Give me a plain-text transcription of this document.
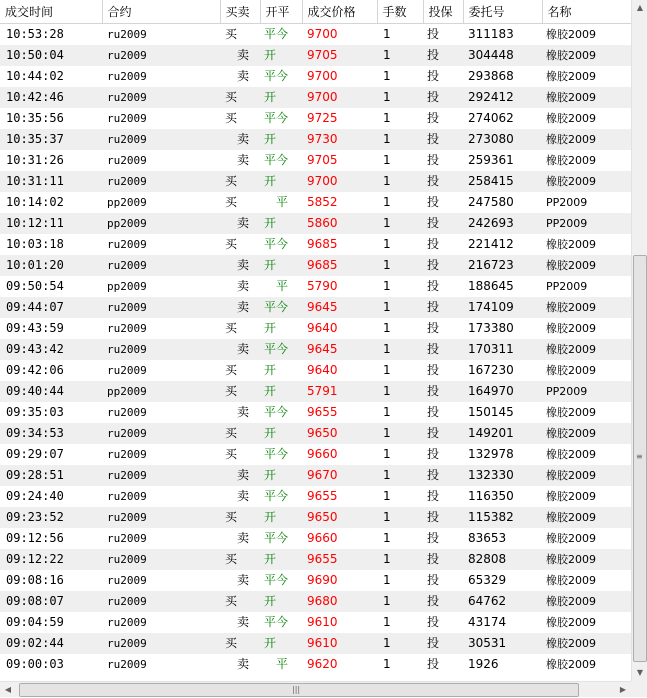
成交时间	合约	买卖	开平	成交价格	手数	投保	委托号	名称
10:53:28	ru2009	买	平今	9700	1	投	311183	橡胶2009
10:50:04	ru2009	卖	开	9705	1	投	304448	橡胶2009
10:44:02	ru2009	卖	平今	9700	1	投	293868	橡胶2009
10:42:46	ru2009	买	开	9700	1	投	292412	橡胶2009
10:35:56	ru2009	买	平今	9725	1	投	274062	橡胶2009
10:35:37	ru2009	卖	开	9730	1	投	273080	橡胶2009
10:31:26	ru2009	卖	平今	9705	1	投	259361	橡胶2009
10:31:11	ru2009	买	开	9700	1	投	258415	橡胶2009
10:14:02	pp2009	买	平	5852	1	投	247580	PP2009
10:12:11	pp2009	卖	开	5860	1	投	242693	PP2009
10:03:18	ru2009	买	平今	9685	1	投	221412	橡胶2009
10:01:20	ru2009	卖	开	9685	1	投	216723	橡胶2009
09:50:54	pp2009	卖	平	5790	1	投	188645	PP2009
09:44:07	ru2009	卖	平今	9645	1	投	174109	橡胶2009
09:43:59	ru2009	买	开	9640	1	投	173380	橡胶2009
09:43:42	ru2009	卖	平今	9645	1	投	170311	橡胶2009
09:42:06	ru2009	买	开	9640	1	投	167230	橡胶2009
09:40:44	pp2009	买	开	5791	1	投	164970	PP2009
09:35:03	ru2009	卖	平今	9655	1	投	150145	橡胶2009
09:34:53	ru2009	买	开	9650	1	投	149201	橡胶2009
09:29:07	ru2009	买	平今	9660	1	投	132978	橡胶2009
09:28:51	ru2009	卖	开	9670	1	投	132330	橡胶2009
09:24:40	ru2009	卖	平今	9655	1	投	116350	橡胶2009
09:23:52	ru2009	买	开	9650	1	投	115382	橡胶2009
09:12:56	ru2009	卖	平今	9660	1	投	83653	橡胶2009
09:12:22	ru2009	买	开	9655	1	投	82808	橡胶2009
09:08:16	ru2009	卖	平今	9690	1	投	65329	橡胶2009
09:08:07	ru2009	买	开	9680	1	投	64762	橡胶2009
09:04:59	ru2009	卖	平今	9610	1	投	43174	橡胶2009
09:02:44	ru2009	买	开	9610	1	投	30531	橡胶2009
09:00:03	ru2009	卖	平	9620	1	投	1926	橡胶2009
▲
≡
▼
◀	|||	▶
